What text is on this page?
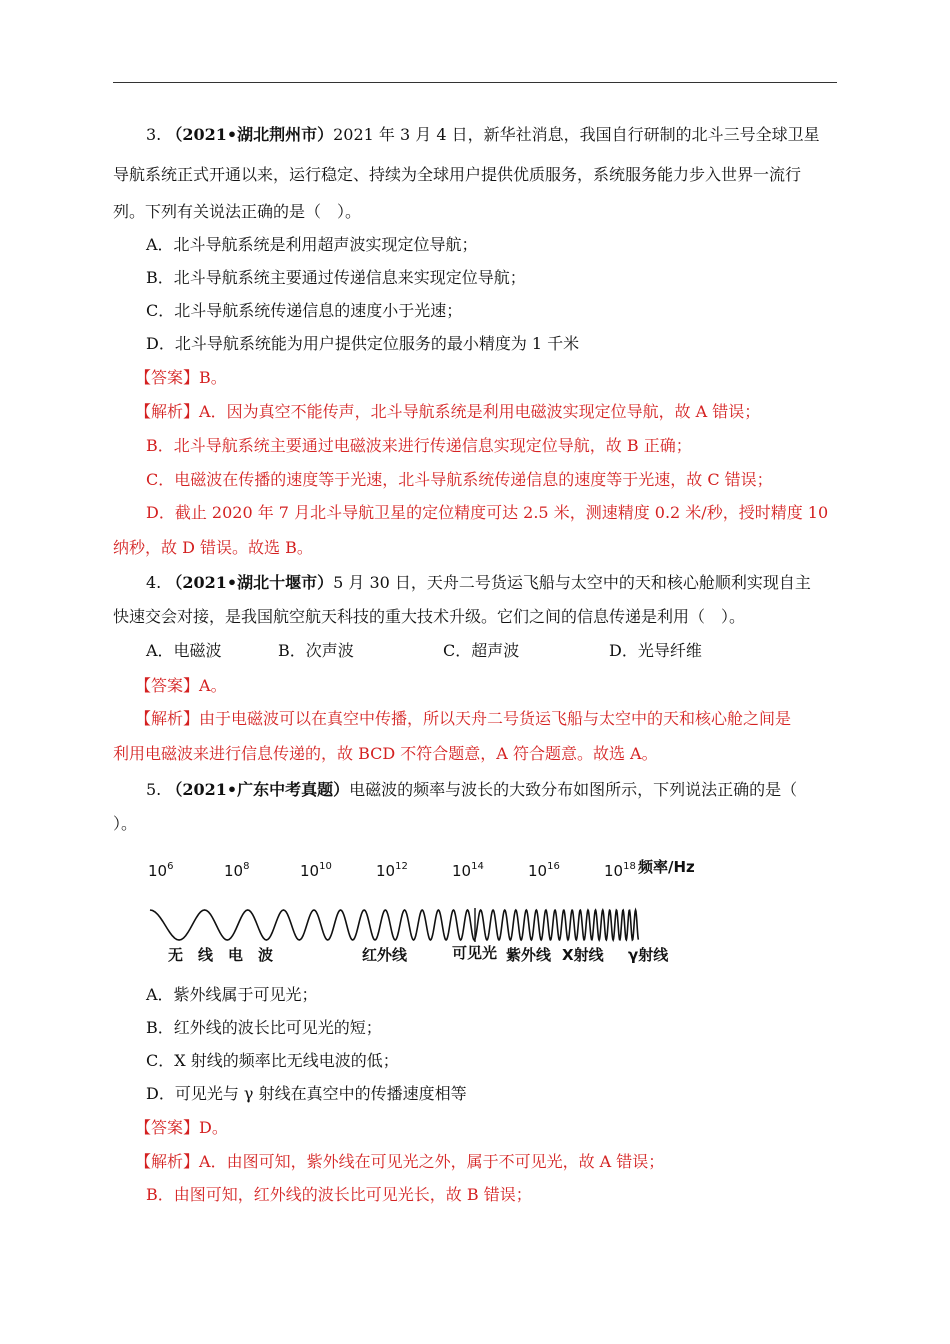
3. （2021•湖北荆州市）2021 年 3 月 4 日，新华社消息，我国自行研制的北斗三号全球卫星
导航系统正式开通以来，运行稳定、持续为全球用户提供优质服务，系统服务能力步入世界一流行
列。下列有关说法正确的是（　）。
A．北斗导航系统是利用超声波实现定位导航；
B．北斗导航系统主要通过传递信息来实现定位导航；
C．北斗导航系统传递信息的速度小于光速；
D．北斗导航系统能为用户提供定位服务的最小精度为 1 千米
【答案】B。
【解析】A．因为真空不能传声，北斗导航系统是利用电磁波实现定位导航，故 A 错误；
B．北斗导航系统主要通过电磁波来进行传递信息实现定位导航，故 B 正确；
C．电磁波在传播的速度等于光速，北斗导航系统传递信息的速度等于光速，故 C 错误；
D．截止 2020 年 7 月北斗导航卫星的定位精度可达 2.5 米，测速精度 0.2 米/秒，授时精度 10
纳秒，故 D 错误。故选 B。
4. （2021•湖北十堰市）5 月 30 日，天舟二号货运飞船与太空中的天和核心舱顺利实现自主
快速交会对接，是我国航空航天科技的重大技术升级。它们之间的信息传递是利用（　）。
A．电磁波	B．次声波	C．超声波	D．光导纤维
【答案】A。
【解析】由于电磁波可以在真空中传播，所以天舟二号货运飞船与太空中的天和核心舱之间是
利用电磁波来进行信息传递的，故 BCD 不符合题意，A 符合题意。故选 A。
5. （2021•广东中考真题）电磁波的频率与波长的大致分布如图所示，下列说法正确的是（
）。
$10^6$	$10^8$	$10^{10}$	$10^{12}$	$10^{14}$	$10^{16}$	$10^{18}$ 频率/Hz
无　线　电　波	红外线	可见光 紫外线 X射线 γ射线
A．紫外线属于可见光；
B．红外线的波长比可见光的短；
C．X 射线的频率比无线电波的低；
D．可见光与 γ 射线在真空中的传播速度相等
【答案】D。
【解析】A．由图可知，紫外线在可见光之外，属于不可见光，故 A 错误；
B．由图可知，红外线的波长比可见光长，故 B 错误；
